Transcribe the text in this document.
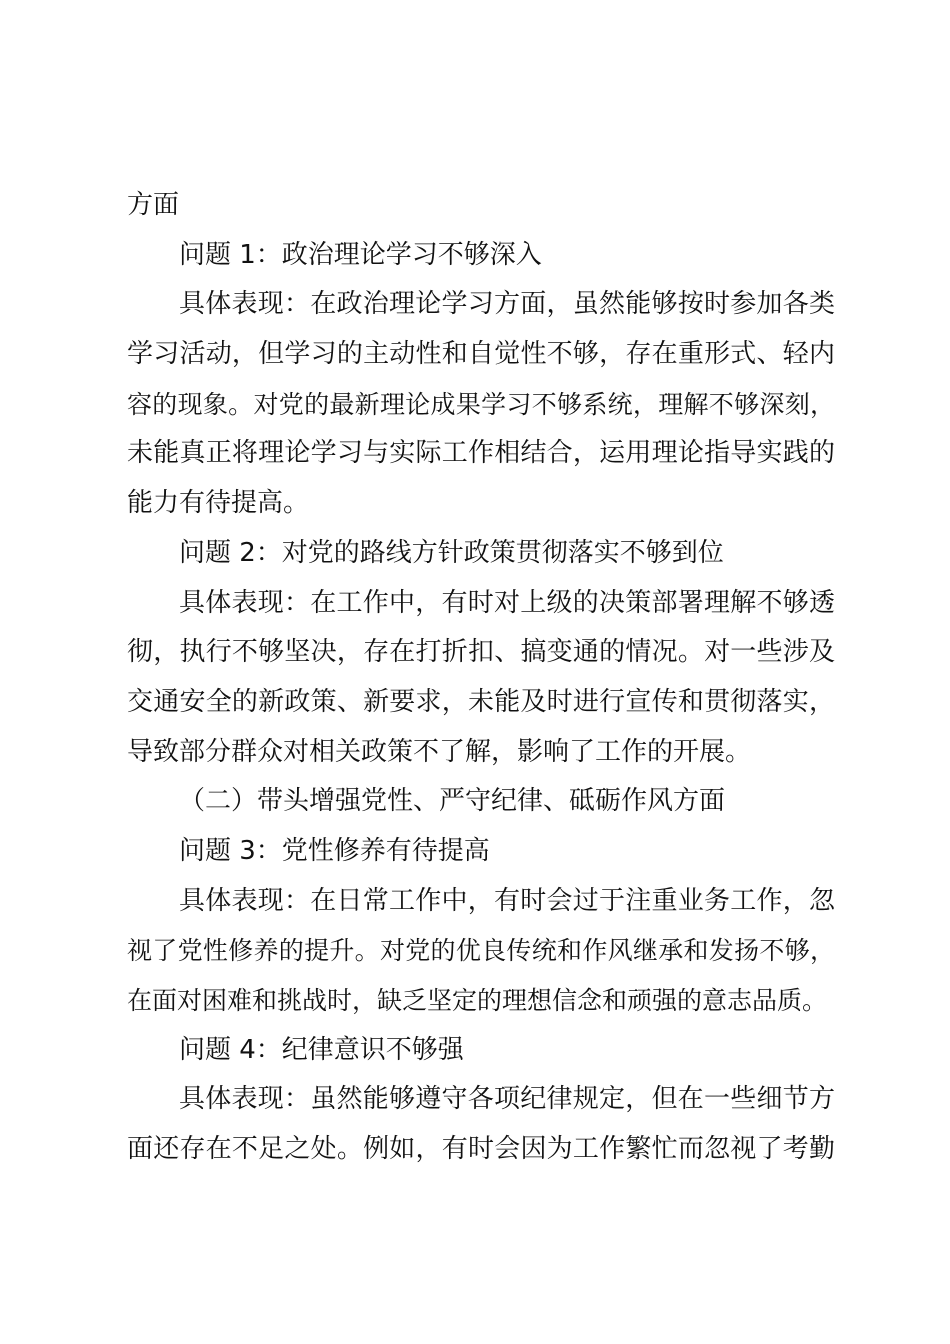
方面
问题 1：政治理论学习不够深入
具体表现：在政治理论学习方面，虽然能够按时参加各类
学习活动，但学习的主动性和自觉性不够，存在重形式、轻内
容的现象。对党的最新理论成果学习不够系统，理解不够深刻，
未能真正将理论学习与实际工作相结合，运用理论指导实践的
能力有待提高。
问题 2：对党的路线方针政策贯彻落实不够到位
具体表现：在工作中，有时对上级的决策部署理解不够透
彻，执行不够坚决，存在打折扣、搞变通的情况。对一些涉及
交通安全的新政策、新要求，未能及时进行宣传和贯彻落实，
导致部分群众对相关政策不了解，影响了工作的开展。
（二）带头增强党性、严守纪律、砥砺作风方面
问题 3：党性修养有待提高
具体表现：在日常工作中，有时会过于注重业务工作，忽
视了党性修养的提升。对党的优良传统和作风继承和发扬不够，
在面对困难和挑战时，缺乏坚定的理想信念和顽强的意志品质。
问题 4：纪律意识不够强
具体表现：虽然能够遵守各项纪律规定，但在一些细节方
面还存在不足之处。例如，有时会因为工作繁忙而忽视了考勤
